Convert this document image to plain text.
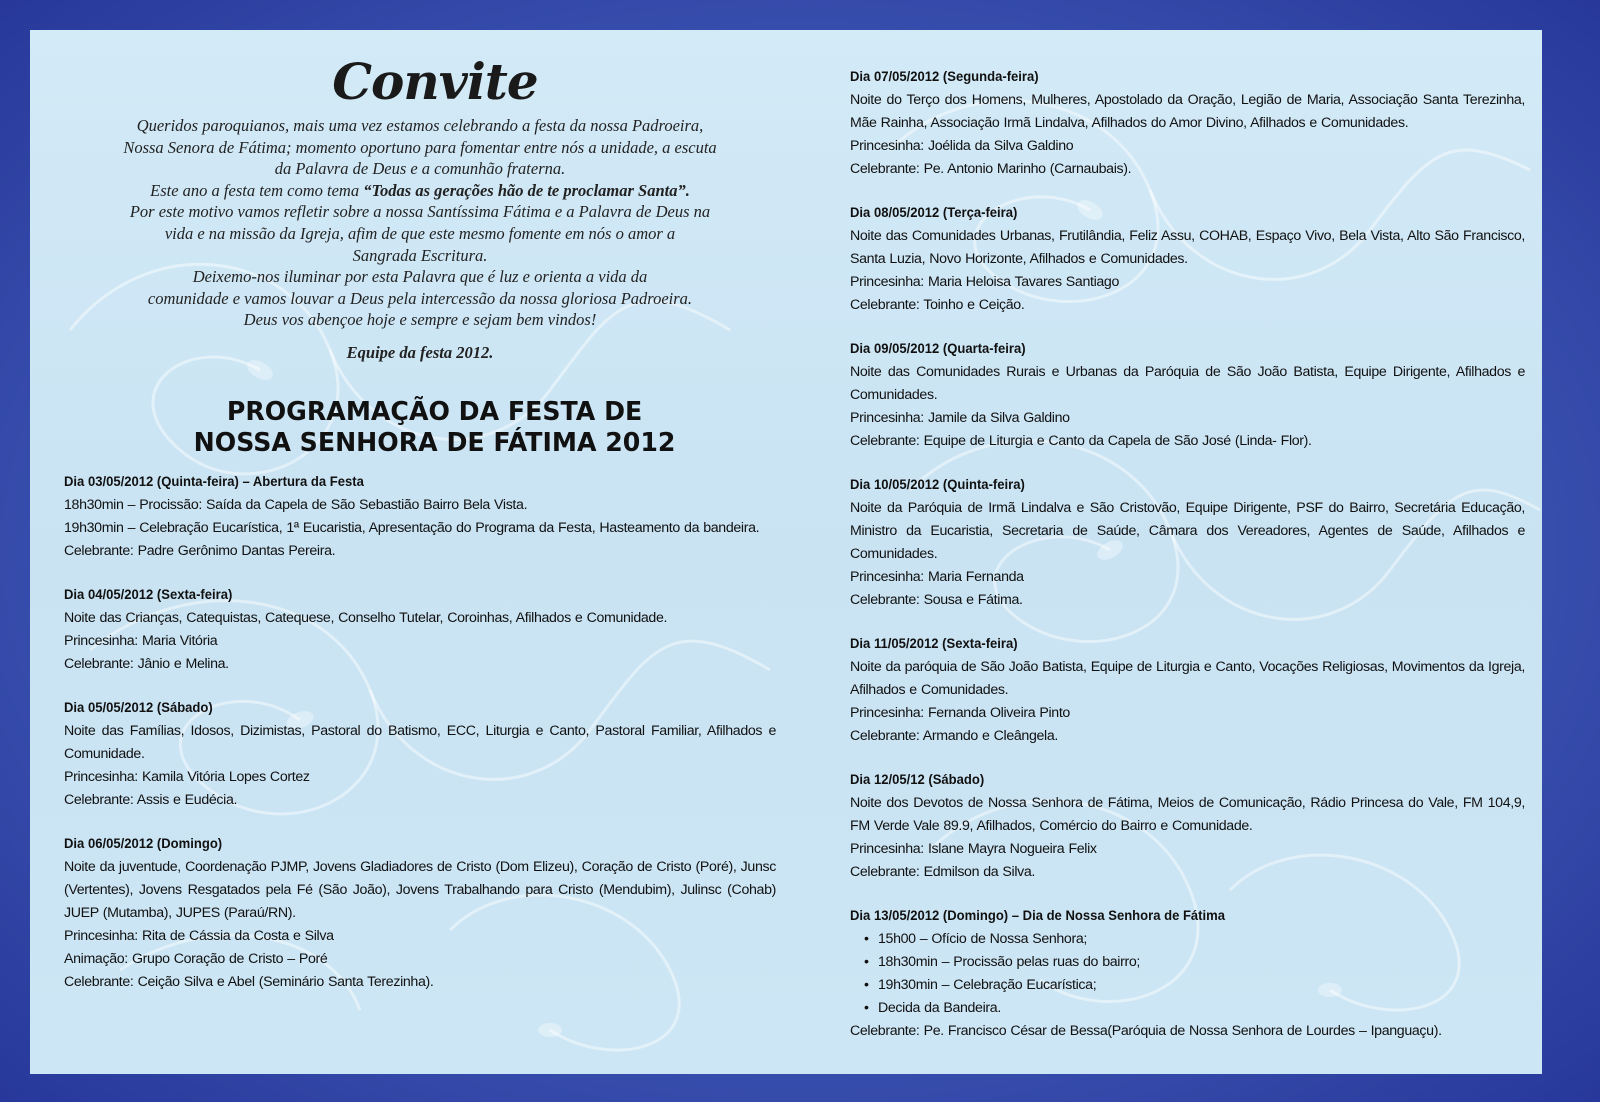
Convite
Queridos paroquianos, mais uma vez estamos celebrando a festa da nossa Padroeira,
Nossa Senora de Fátima; momento oportuno para fomentar entre nós a unidade, a escuta
da Palavra de Deus e a comunhão fraterna.
Este ano a festa tem como tema “Todas as gerações hão de te proclamar Santa”.
Por este motivo vamos refletir sobre a nossa Santíssima Fátima e a Palavra de Deus na
vida e na missão da Igreja, afim de que este mesmo fomente em nós o amor a
Sangrada Escritura.
Deixemo-nos iluminar por esta Palavra que é luz e orienta a vida da
comunidade e vamos louvar a Deus pela intercessão da nossa gloriosa Padroeira.
Deus vos abençoe hoje e sempre e sejam bem vindos!

Equipe da festa 2012.

PROGRAMAÇÃO DA FESTA DE
NOSSA SENHORA DE FÁTIMA 2012
Dia 03/05/2012 (Quinta-feira) – Abertura da Festa

18h30min – Procissão: Saída da Capela de São Sebastião Bairro Bela Vista.

19h30min – Celebração Eucarística, 1ª Eucaristia, Apresentação do Programa da Festa, Hasteamento da bandeira.

Celebrante: Padre Gerônimo Dantas Pereira.

Dia 04/05/2012 (Sexta-feira)

Noite das Crianças, Catequistas, Catequese, Conselho Tutelar, Coroinhas, Afilhados e Comunidade.

Princesinha: Maria Vitória

Celebrante: Jânio e Melina.

Dia 05/05/2012 (Sábado)

Noite das Famílias, Idosos, Dizimistas, Pastoral do Batismo, ECC, Liturgia e Canto, Pastoral Familiar, Afilhados e Comunidade.

Princesinha: Kamila Vitória Lopes Cortez

Celebrante: Assis e Eudécia.

Dia 06/05/2012 (Domingo)

Noite da juventude, Coordenação PJMP, Jovens Gladiadores de Cristo (Dom Elizeu), Coração de Cristo (Poré), Junsc (Vertentes), Jovens Resgatados pela Fé (São João), Jovens Trabalhando para Cristo (Mendubim), Julinsc (Cohab) JUEP (Mutamba), JUPES (Paraú/RN).

Princesinha: Rita de Cássia da Costa e Silva

Animação: Grupo Coração de Cristo – Poré

Celebrante: Ceição Silva e Abel (Seminário Santa Terezinha).

Dia 07/05/2012 (Segunda-feira)

Noite do Terço dos Homens, Mulheres, Apostolado da Oração, Legião de Maria, Associação Santa Terezinha, Mãe Rainha, Associação Irmã Lindalva, Afilhados do Amor Divino, Afilhados e Comunidades.

Princesinha: Joélida da Silva Galdino

Celebrante: Pe. Antonio Marinho (Carnaubais).

Dia 08/05/2012 (Terça-feira)

Noite das Comunidades Urbanas, Frutilândia, Feliz Assu, COHAB, Espaço Vivo, Bela Vista, Alto São Francisco, Santa Luzia, Novo Horizonte, Afilhados e Comunidades.

Princesinha: Maria Heloisa Tavares Santiago

Celebrante: Toinho e Ceição.

Dia 09/05/2012 (Quarta-feira)

Noite das Comunidades Rurais e Urbanas da Paróquia de São João Batista, Equipe Dirigente, Afilhados e Comunidades.

Princesinha: Jamile da Silva Galdino

Celebrante: Equipe de Liturgia e Canto da Capela de São José (Linda- Flor).

Dia 10/05/2012 (Quinta-feira)

Noite da Paróquia de Irmã Lindalva e São Cristovão, Equipe Dirigente, PSF do Bairro, Secretária Educação, Ministro da Eucaristia, Secretaria de Saúde, Câmara dos Vereadores, Agentes de Saúde, Afilhados e Comunidades.

Princesinha: Maria Fernanda

Celebrante: Sousa e Fátima.

Dia 11/05/2012 (Sexta-feira)

Noite da paróquia de São João Batista, Equipe de Liturgia e Canto, Vocações Religiosas, Movimentos da Igreja, Afilhados e Comunidades.

Princesinha: Fernanda Oliveira Pinto

Celebrante: Armando e Cleângela.

Dia 12/05/12 (Sábado)

Noite dos Devotos de Nossa Senhora de Fátima, Meios de Comunicação, Rádio Princesa do Vale, FM 104,9, FM Verde Vale 89.9, Afilhados, Comércio do Bairro e Comunidade.

Princesinha: Islane Mayra Nogueira Felix

Celebrante: Edmilson da Silva.

Dia 13/05/2012 (Domingo) – Dia de Nossa Senhora de Fátima
• 15h00 – Ofício de Nossa Senhora;
• 18h30min – Procissão pelas ruas do bairro;
• 19h30min – Celebração Eucarística;
• Decida da Bandeira.

Celebrante: Pe. Francisco César de Bessa(Paróquia de Nossa Senhora de Lourdes – Ipanguaçu).
